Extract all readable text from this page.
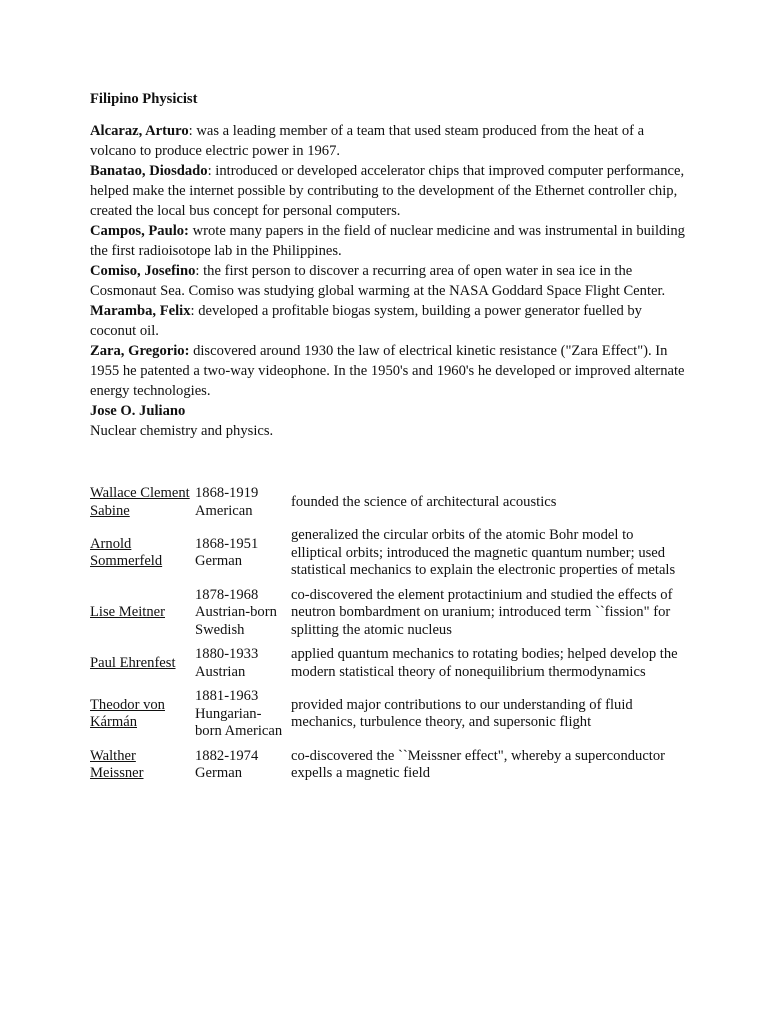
Filipino Physicist

Alcaraz, Arturo: was a leading member of a team that used steam produced from the heat of a volcano to produce electric power in 1967.

Banatao, Diosdado: introduced or developed accelerator chips that improved computer performance, helped make the internet possible by contributing to the development of the Ethernet controller chip, created the local bus concept for personal computers.

Campos, Paulo: wrote many papers in the field of nuclear medicine and was instrumental in building the first radioisotope lab in the Philippines.

Comiso, Josefino: the first person to discover a recurring area of open water in sea ice in the Cosmonaut Sea. Comiso was studying global warming at the NASA Goddard Space Flight Center.

Maramba, Felix: developed a profitable biogas system, building a power generator fuelled by coconut oil.

Zara, Gregorio: discovered around 1930 the law of electrical kinetic resistance ("Zara Effect"). In 1955 he patented a two-way videophone. In the 1950's and 1960's he developed or improved alternate energy technologies.

Jose O. Juliano

Nuclear chemistry and physics.

Wallace Clement Sabine	1868-1919 American	founded the science of architectural acoustics
Arnold Sommerfeld	1868-1951 German	generalized the circular orbits of the atomic Bohr model to elliptical orbits; introduced the magnetic quantum number; used statistical mechanics to explain the electronic properties of metals
Lise Meitner	1878-1968 Austrian-born Swedish	co-discovered the element protactinium and studied the effects of neutron bombardment on uranium; introduced term ``fission" for splitting the atomic nucleus
Paul Ehrenfest	1880-1933 Austrian	applied quantum mechanics to rotating bodies; helped develop the modern statistical theory of nonequilibrium thermodynamics
Theodor von Kármán	1881-1963 Hungarian-born American	provided major contributions to our understanding of fluid mechanics, turbulence theory, and supersonic flight
Walther Meissner	1882-1974 German	co-discovered the ``Meissner effect", whereby a superconductor expells a magnetic field
